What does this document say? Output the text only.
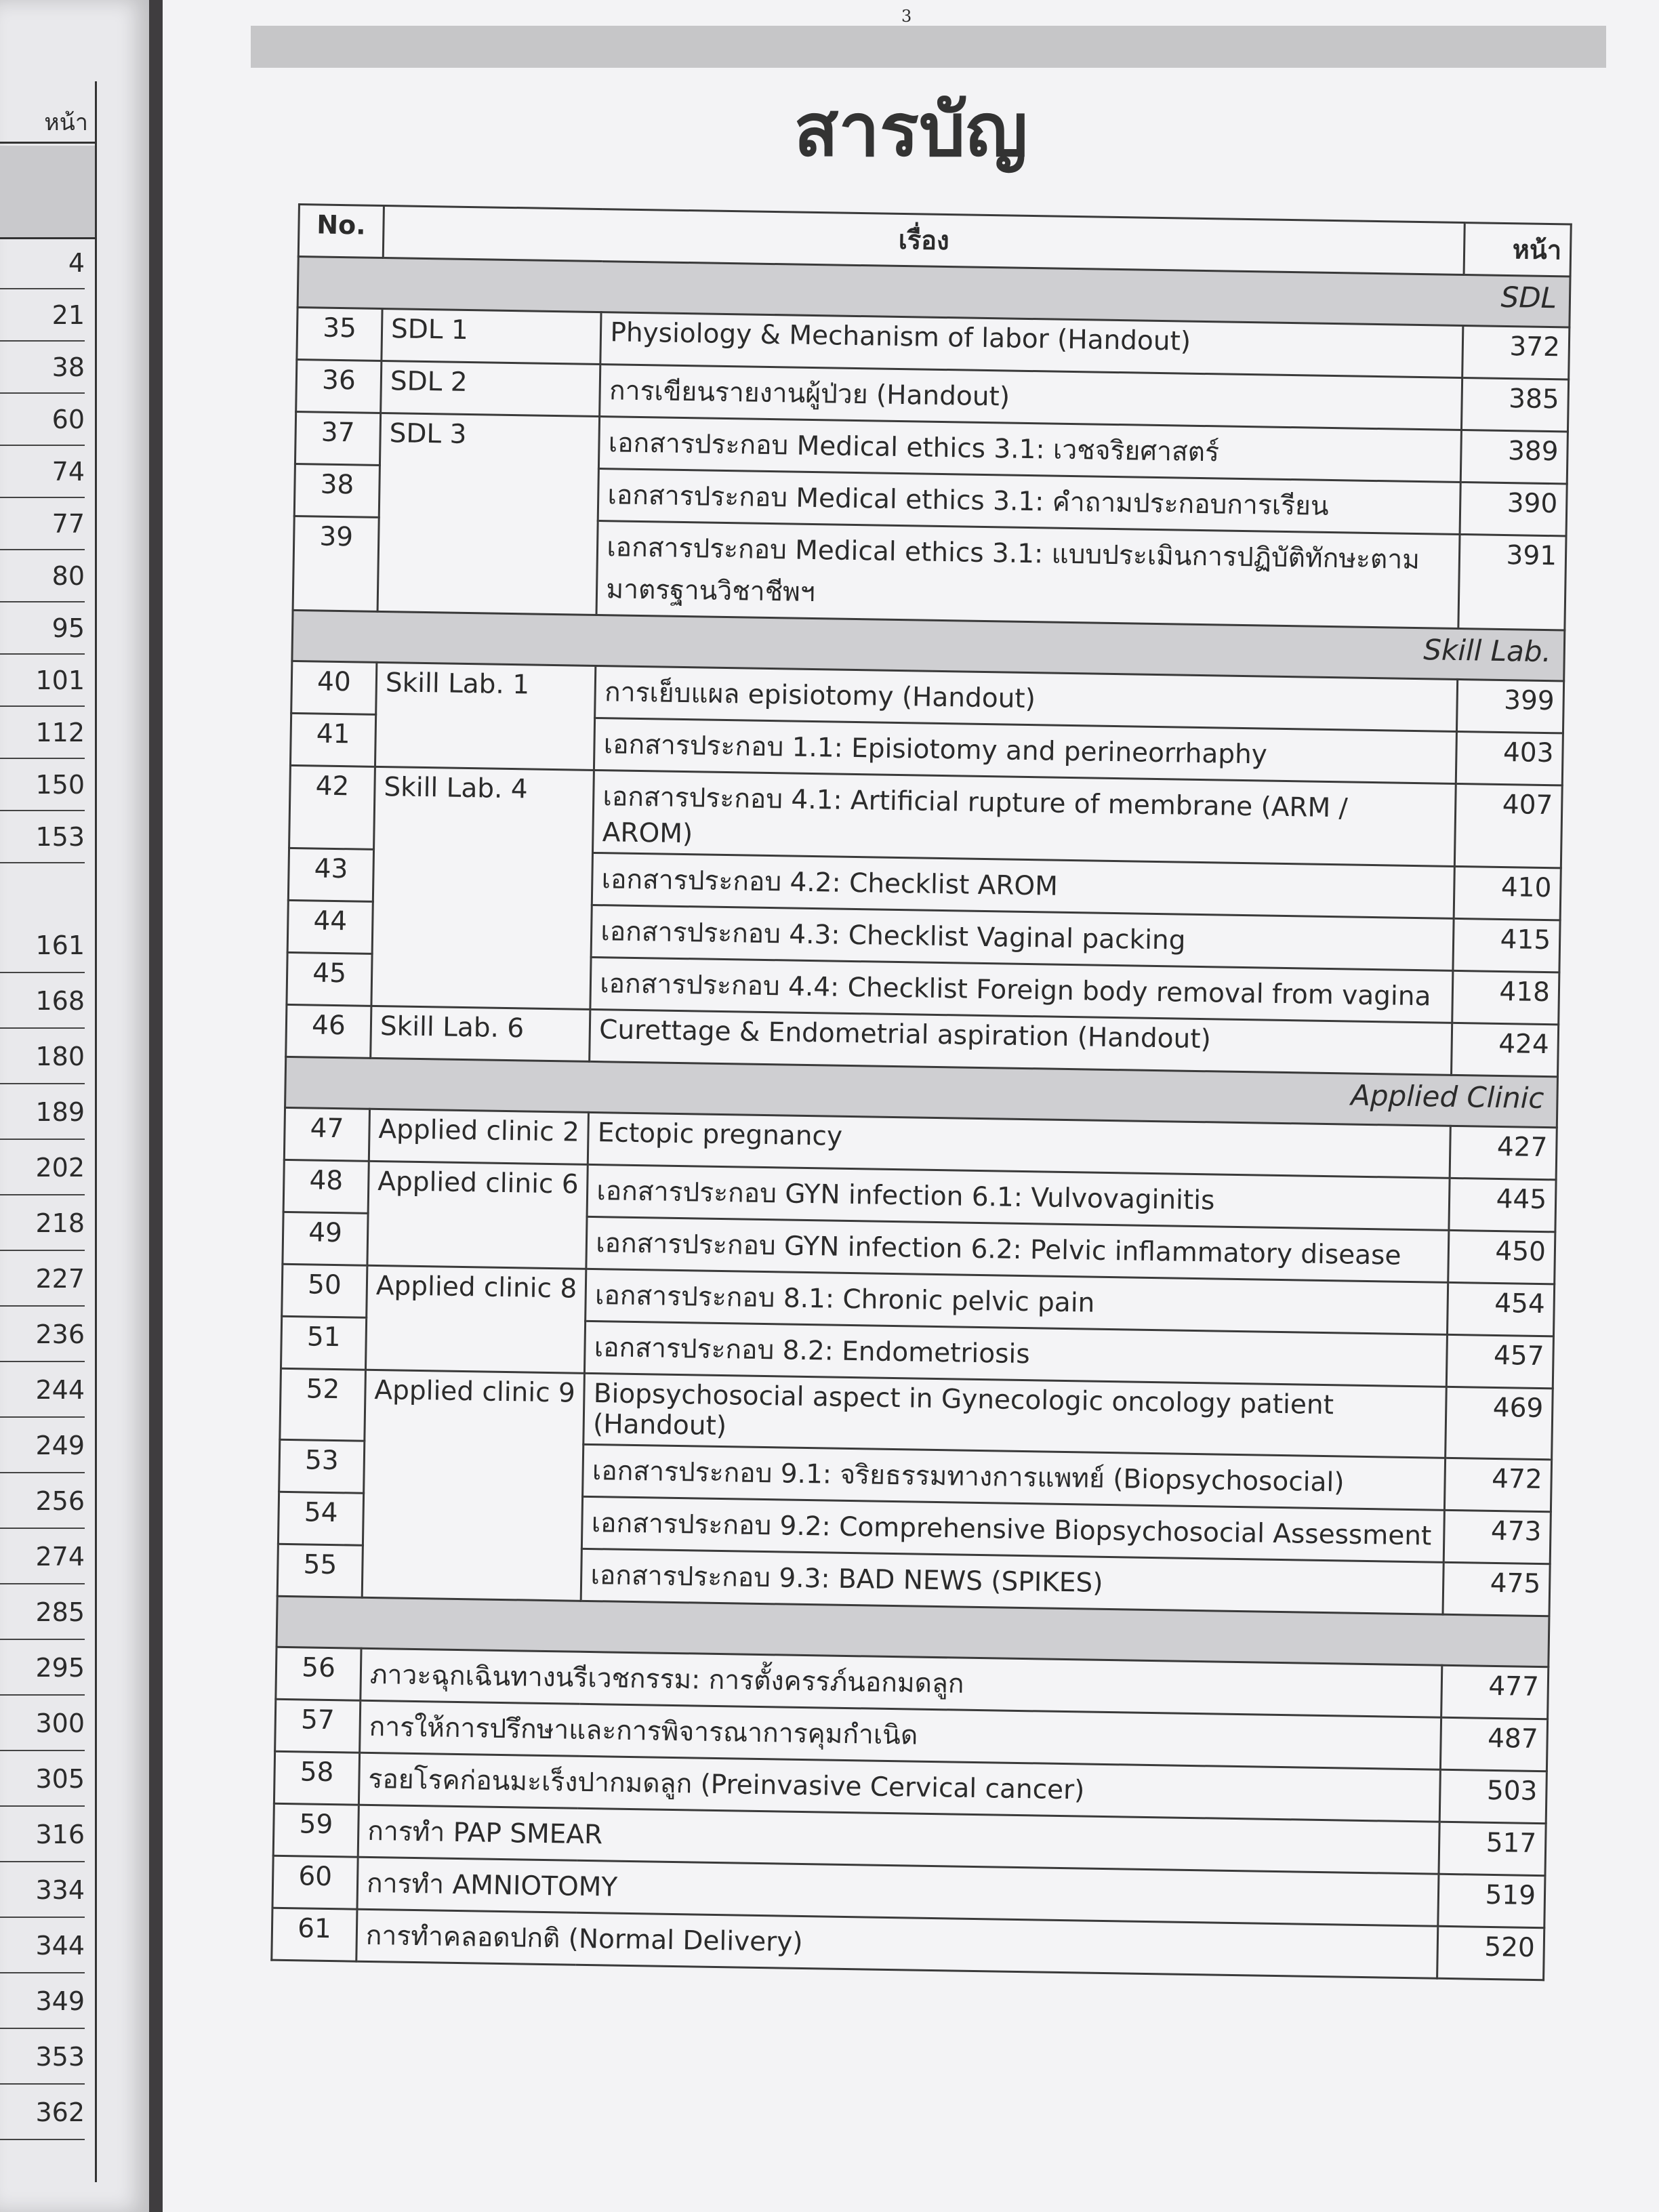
หน้า
4
21
38
60
74
77
80
95
101
112
150
153
161
168
180
189
202
218
227
236
244
249
256
274
285
295
300
305
316
334
344
349
353
362
3
สารบัญ
No.	เรื่อง		หน้า
SDL			
35	SDL 1	Physiology & Mechanism of labor (Handout)	372
36	SDL 2	การเขียนรายงานผู้ป่วย (Handout)	385
37	SDL 3	เอกสารประกอบ Medical ethics 3.1: เวชจริยศาสตร์	389
38		เอกสารประกอบ Medical ethics 3.1: คำถามประกอบการเรียน	390
39		เอกสารประกอบ Medical ethics 3.1: แบบประเมินการปฏิบัติทักษะตามมาตรฐานวิชาชีพฯ	391
Skill Lab.			
40	Skill Lab. 1	การเย็บแผล episiotomy (Handout)	399
41		เอกสารประกอบ 1.1: Episiotomy and perineorrhaphy	403
42	Skill Lab. 4	เอกสารประกอบ 4.1: Artificial rupture of membrane (ARM / AROM)	407
43		เอกสารประกอบ 4.2: Checklist AROM	410
44		เอกสารประกอบ 4.3: Checklist Vaginal packing	415
45		เอกสารประกอบ 4.4: Checklist Foreign body removal from vagina	418
46	Skill Lab. 6	Curettage & Endometrial aspiration (Handout)	424
Applied Clinic			
47	Applied clinic 2	Ectopic pregnancy	427
48	Applied clinic 6	เอกสารประกอบ GYN infection 6.1: Vulvovaginitis	445
49		เอกสารประกอบ GYN infection 6.2: Pelvic inflammatory disease	450
50	Applied clinic 8	เอกสารประกอบ 8.1: Chronic pelvic pain	454
51		เอกสารประกอบ 8.2: Endometriosis	457
52	Applied clinic 9	Biopsychosocial aspect in Gynecologic oncology patient (Handout)	469
53		เอกสารประกอบ 9.1: จริยธรรมทางการแพทย์ (Biopsychosocial)	472
54		เอกสารประกอบ 9.2: Comprehensive Biopsychosocial Assessment	473
55		เอกสารประกอบ 9.3: BAD NEWS (SPIKES)	475

56	ภาวะฉุกเฉินทางนรีเวชกรรม: การตั้งครรภ์นอกมดลูก		477
57	การให้การปรึกษาและการพิจารณาการคุมกำเนิด		487
58	รอยโรคก่อนมะเร็งปากมดลูก (Preinvasive Cervical cancer)		503
59	การทำ PAP SMEAR		517
60	การทำ AMNIOTOMY		519
61	การทำคลอดปกติ (Normal Delivery)		520
